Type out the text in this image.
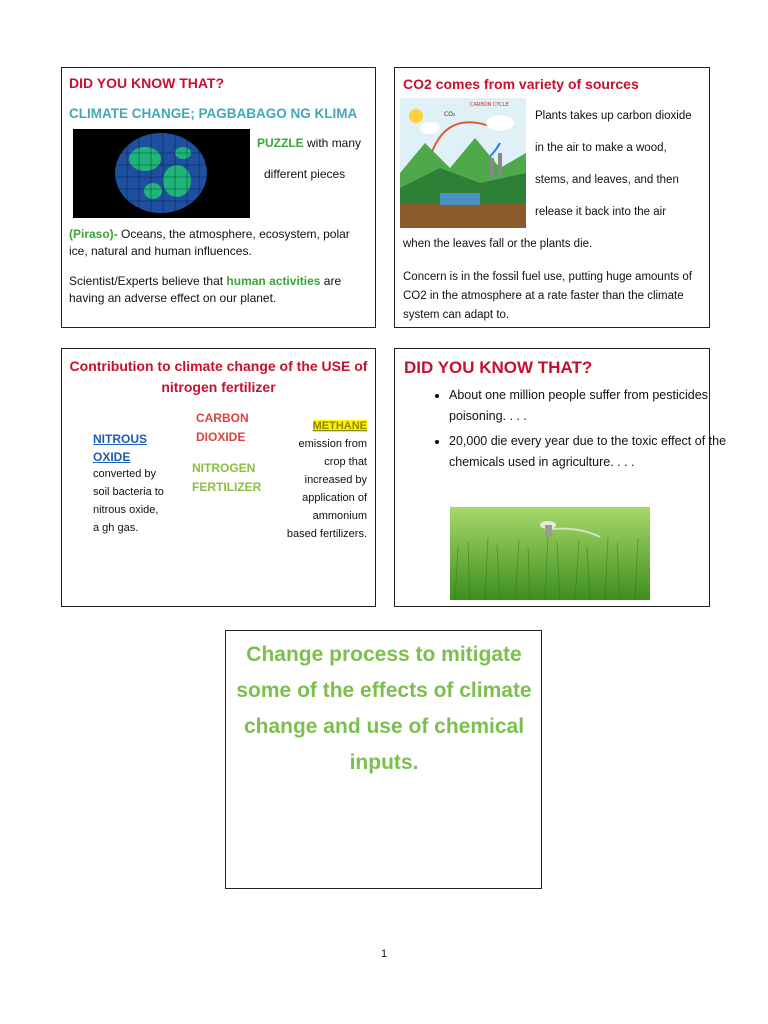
DID YOU KNOW THAT?
CLIMATE CHANGE; PAGBABAGO NG KLIMA
PUZZLE with many
different pieces
(Piraso)- Oceans, the atmosphere, ecosystem, polar ice, natural and human influences.
Scientist/Experts believe that human activities are having an adverse effect on our planet.
CO2 comes from variety of sources
CARBON CYCLE
CO₂	Plants takes up carbon dioxide
in the air to make a wood,
stems, and leaves, and then
release it back into the air
when the leaves fall or the plants die.
Concern is in the fossil fuel use, putting huge amounts of CO2 in the atmosphere at a rate faster than the climate system can adapt to.
Contribution to climate change of the USE of
nitrogen fertilizer
CARBON
DIOXIDE
NITROGEN
FERTILIZER
NITROUS
OXIDE
converted by
soil bacteria to
nitrous oxide,
a gh gas.
METHANE
emission from
crop that
increased by
application of
ammonium
based fertilizers.
DID YOU KNOW THAT?
• About one million people suffer from pesticides poisoning. . . .
• 20,000 die every year due to the toxic effect of the chemicals used in agriculture. . . .
Change process to mitigate some of the effects of climate change and use of chemical inputs.
1
